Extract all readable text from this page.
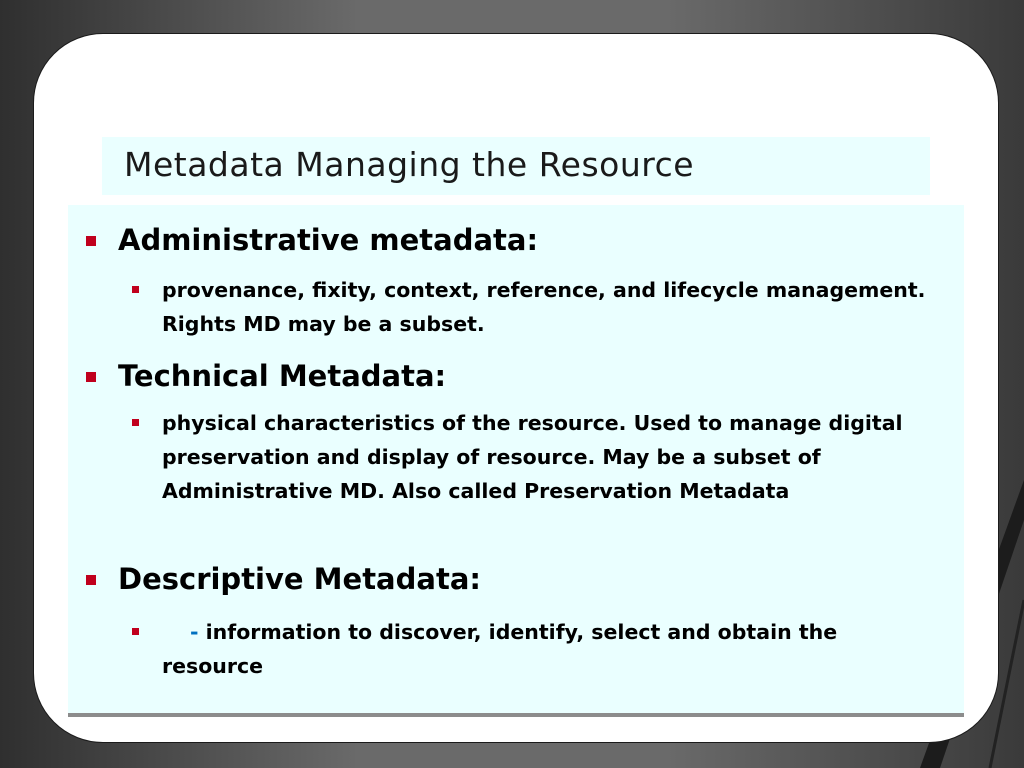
Metadata Managing the Resource
Administrative metadata:
provenance, fixity, context, reference, and lifecycle management. Rights MD may be a subset.
Technical Metadata:
physical characteristics of the resource. Used to manage digital preservation and display of resource. May be a subset of Administrative MD. Also called Preservation Metadata
Descriptive Metadata:
- information to discover, identify, select and obtain the resource
